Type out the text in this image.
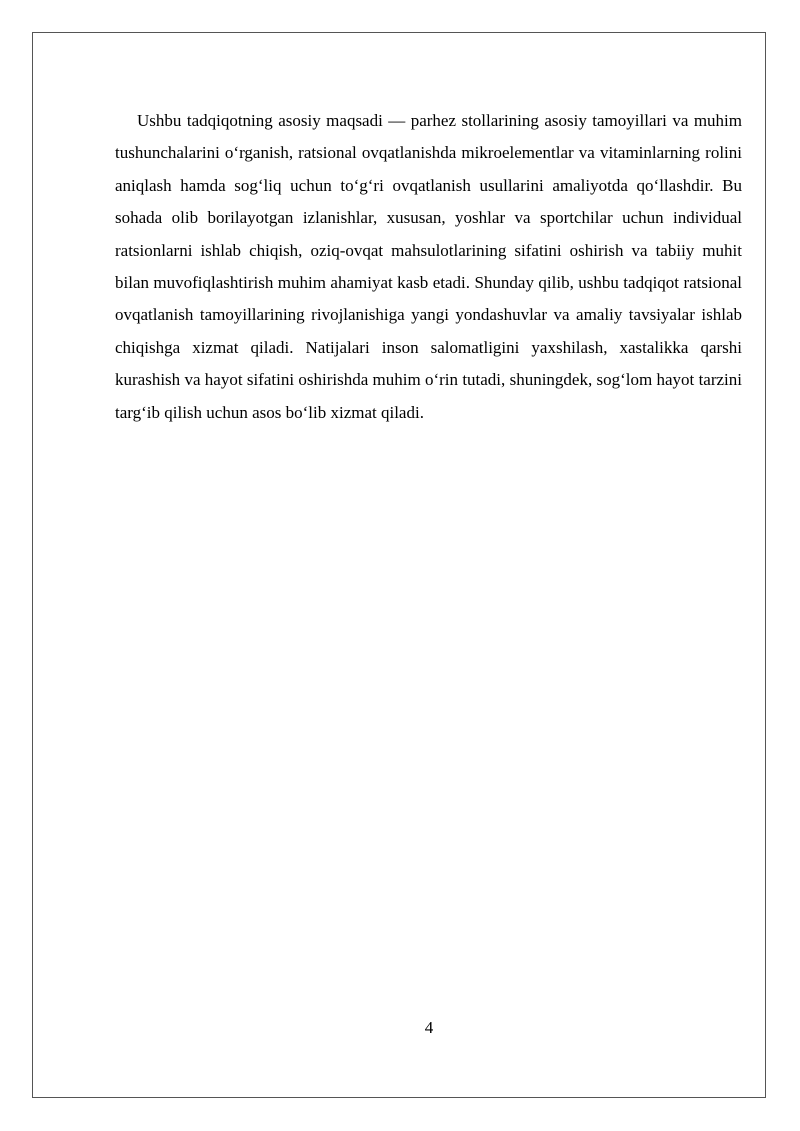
Ushbu tadqiqotning asosiy maqsadi — parhez stollarining asosiy tamoyillari va muhim tushunchalarini o‘rganish, ratsional ovqatlanishda mikroelementlar va vitaminlarning rolini aniqlash hamda sog‘liq uchun to‘g‘ri ovqatlanish usullarini amaliyotda qo‘llashdir. Bu sohada olib borilayotgan izlanishlar, xususan, yoshlar va sportchilar uchun individual ratsionlarni ishlab chiqish, oziq-ovqat mahsulotlarining sifatini oshirish va tabiiy muhit bilan muvofiqlashtirish muhim ahamiyat kasb etadi. Shunday qilib, ushbu tadqiqot ratsional ovqatlanish tamoyillarining rivojlanishiga yangi yondashuvlar va amaliy tavsiyalar ishlab chiqishga xizmat qiladi. Natijalari inson salomatligini yaxshilash, xastalikka qarshi kurashish va hayot sifatini oshirishda muhim o‘rin tutadi, shuningdek, sog‘lom hayot tarzini targ‘ib qilish uchun asos bo‘lib xizmat qiladi.

4
